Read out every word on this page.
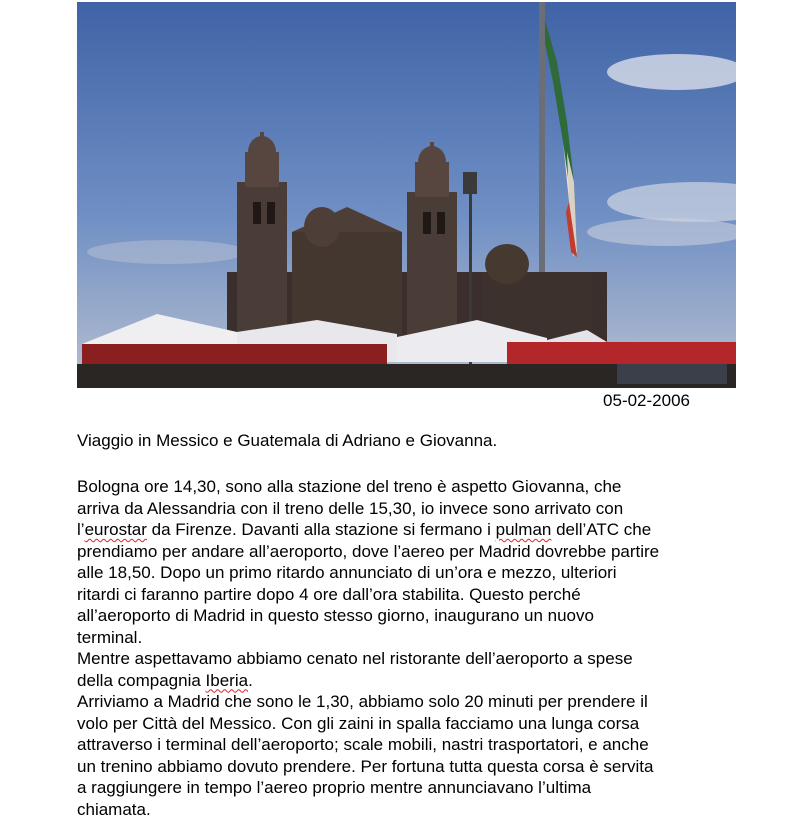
05-02-2006
Viaggio in Messico e Guatemala di Adriano e Giovanna.
Bologna ore 14,30, sono alla stazione del treno è aspetto Giovanna, che
arriva da Alessandria con il treno delle 15,30, io invece sono arrivato con
l’eurostar da Firenze. Davanti alla stazione si fermano i pulman dell’ATC che
prendiamo per andare all’aeroporto, dove l’aereo per Madrid dovrebbe partire
alle 18,50. Dopo un primo ritardo annunciato di un’ora e mezzo, ulteriori
ritardi ci faranno partire dopo 4 ore dall’ora stabilita. Questo perché
all’aeroporto di Madrid in questo stesso giorno, inaugurano un nuovo
terminal.
Mentre aspettavamo abbiamo cenato nel ristorante dell’aeroporto a spese
della compagnia Iberia.
Arriviamo a Madrid che sono le 1,30, abbiamo solo 20 minuti per prendere il
volo per Città del Messico. Con gli zaini in spalla facciamo una lunga corsa
attraverso i terminal dell’aeroporto; scale mobili, nastri trasportatori, e anche
un trenino abbiamo dovuto prendere. Per fortuna tutta questa corsa è servita
a raggiungere in tempo l’aereo proprio mentre annunciavano l’ultima
chiamata.
